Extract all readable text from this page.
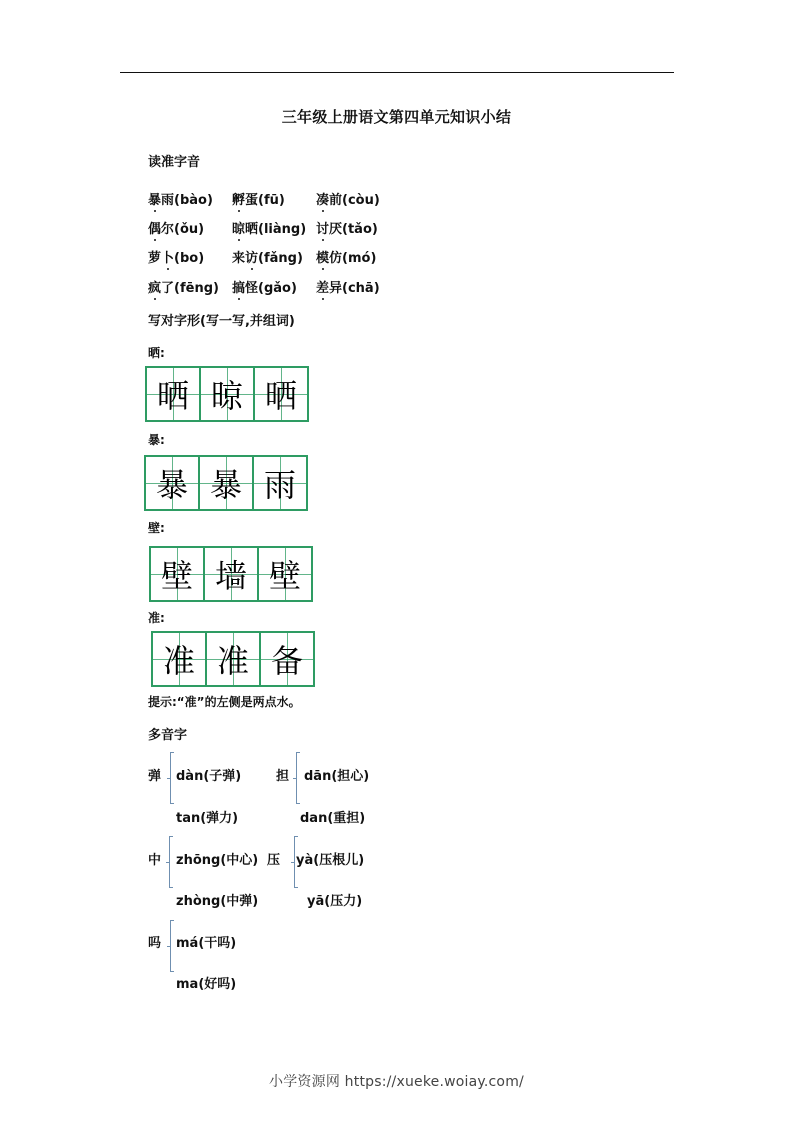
三年级上册语文第四单元知识小结
读准字音
暴雨(bào) 孵蛋(fū) 凑前(còu)
偶尔(ǒu) 晾晒(liàng) 讨厌(tǎo)
萝卜(bo) 来访(fǎng) 模仿(mó)
疯了(fēng) 搞怪(gǎo) 差异(chā)
写对字形(写一写,并组词)
晒:
晒 晾 晒
暴:
暴 暴 雨
壁:
壁 墙 壁
准:
准 准 备
提示:“准”的左侧是两点水。
多音字
弹 dàn(子弹)
tan(弹力)
担 dān(担心)
dan(重担)
中 zhōng(中心)
zhòng(中弹)
压 yà(压根儿)
yā(压力)
吗 má(干吗)
ma(好吗)
小学资源网 https://xueke.woiay.com/
